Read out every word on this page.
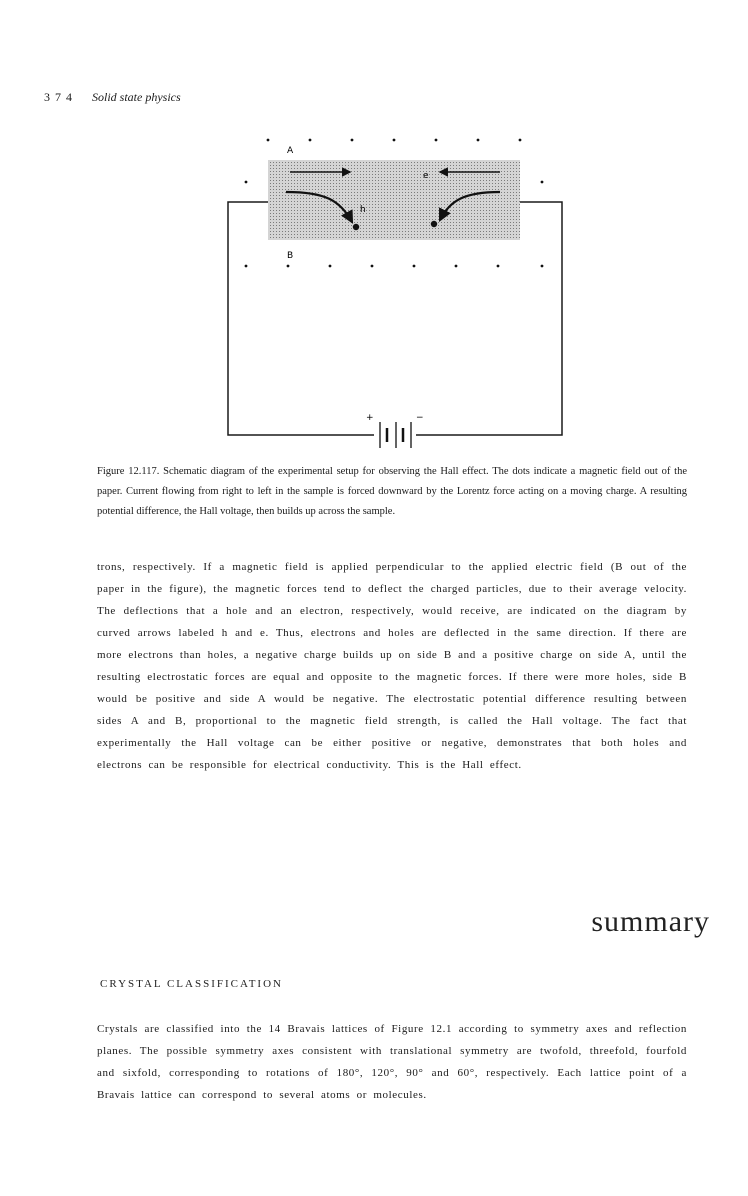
374 Solid state physics
+	−
A
B
h
e
Figure 12.117. Schematic diagram of the experimental setup for observing the Hall effect. The dots indicate a magnetic field out of the paper. Current flowing from right to left in the sample is forced downward by the Lorentz force acting on a moving charge. A resulting potential difference, the Hall voltage, then builds up across the sample.
trons, respectively. If a magnetic field is applied perpendicular to the applied electric field (B out of the paper in the figure), the magnetic forces tend to deflect the charged particles, due to their average velocity. The deflections that a hole and an electron, respectively, would receive, are indicated on the diagram by curved arrows labeled h and e. Thus, electrons and holes are deflected in the same direction. If there are more electrons than holes, a negative charge builds up on side B and a positive charge on side A, until the resulting electrostatic forces are equal and opposite to the magnetic forces. If there were more holes, side B would be positive and side A would be negative. The electrostatic potential difference resulting between sides A and B, proportional to the magnetic field strength, is called the Hall voltage. The fact that experimentally the Hall voltage can be either positive or negative, demonstrates that both holes and electrons can be responsible for electrical conductivity. This is the Hall effect.
summary
CRYSTAL CLASSIFICATION
Crystals are classified into the 14 Bravais lattices of Figure 12.1 according to symmetry axes and reflection planes. The possible symmetry axes consistent with translational symmetry are twofold, threefold, fourfold and sixfold, corresponding to rotations of 180°, 120°, 90° and 60°, respectively. Each lattice point of a Bravais lattice can correspond to several atoms or molecules.
